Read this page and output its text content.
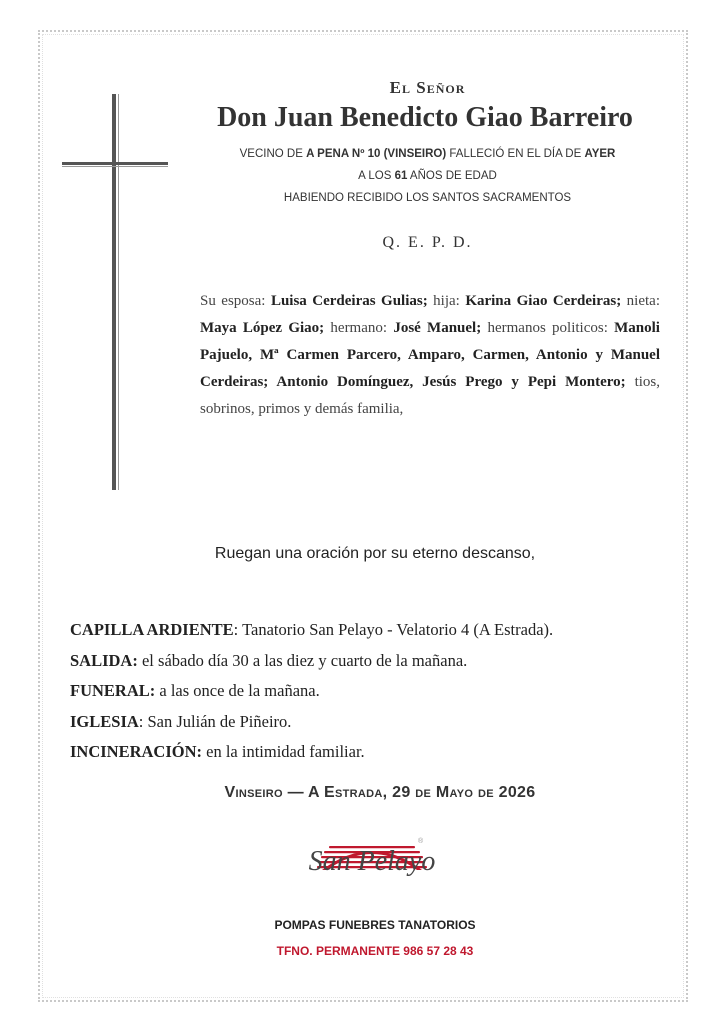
El Señor
Don Juan Benedicto Giao Barreiro
VECINO DE A PENA Nº 10 (VINSEIRO) FALLECIÓ EN EL DÍA DE AYER
A LOS 61 AÑOS DE EDAD
HABIENDO RECIBIDO LOS SANTOS SACRAMENTOS
Q. E. P. D.
Su esposa: Luisa Cerdeiras Gulias; hija: Karina Giao Cerdeiras; nieta: Maya López Giao; hermano: José Manuel; hermanos politicos: Manoli Pajuelo, Mª Carmen Parcero, Amparo, Carmen, Antonio y Manuel Cerdeiras; Antonio Domínguez, Jesús Prego y Pepi Montero; tios, sobrinos, primos y demás familia,
Ruegan una oración por su eterno descanso,
CAPILLA ARDIENTE: Tanatorio San Pelayo - Velatorio 4 (A Estrada).
SALIDA: el sábado día 30 a las diez y cuarto de la mañana.
FUNERAL: a las once de la mañana.
IGLESIA: San Julián de Piñeiro.
INCINERACIÓN: en la intimidad familiar.
Vinseiro — A Estrada, 29 de Mayo de 2026
San Pelayo
®
POMPAS FUNEBRES TANATORIOS
TFNO. PERMANENTE 986 57 28 43
